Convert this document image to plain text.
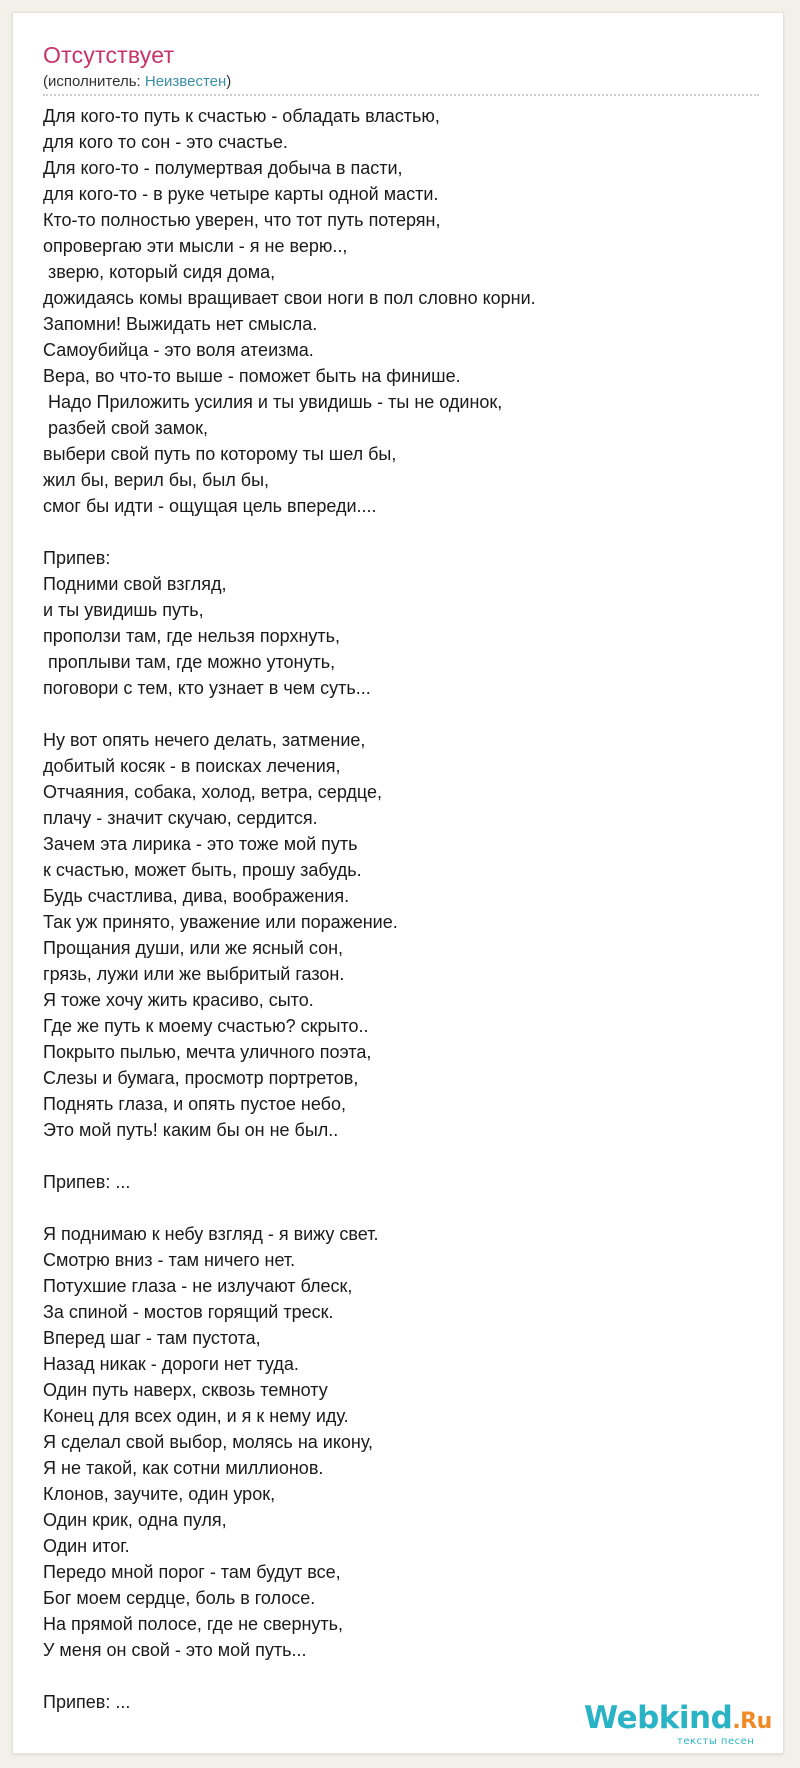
Отсутствует
(исполнитель: Неизвестен)
Для кого-то путь к счастью - обладать властью,
для кого то сон - это счастье.
Для кого-то - полумертвая добыча в пасти,
для кого-то - в руке четыре карты одной масти.
Кто-то полностью уверен, что тот путь потерян,
опровергаю эти мысли - я не верю..,
зверю, который сидя дома,
дожидаясь комы вращивает свои ноги в пол словно корни.
Запомни! Выжидать нет смысла.
Самоубийца - это воля атеизма.
Вера, во что-то выше - поможет быть на финише.
Надо Приложить усилия и ты увидишь - ты не одинок,
разбей свой замок,
выбери свой путь по которому ты шел бы,
жил бы, верил бы, был бы,
смог бы идти - ощущая цель впереди....
Припев:
Подними свой взгляд,
и ты увидишь путь,
проползи там, где нельзя порхнуть,
проплыви там, где можно утонуть,
поговори с тем, кто узнает в чем суть...
Ну вот опять нечего делать, затмение,
добитый косяк - в поисках лечения,
Отчаяния, собака, холод, ветра, сердце,
плачу - значит скучаю, сердится.
Зачем эта лирика - это тоже мой путь
к счастью, может быть, прошу забудь.
Будь счастлива, дива, воображения.
Так уж принято, уважение или поражение.
Прощания души, или же ясный сон,
грязь, лужи или же выбритый газон.
Я тоже хочу жить красиво, сыто.
Где же путь к моему счастью? скрыто..
Покрыто пылью, мечта уличного поэта,
Слезы и бумага, просмотр портретов,
Поднять глаза, и опять пустое небо,
Это мой путь! каким бы он не был..
Припев: ...
Я поднимаю к небу взгляд - я вижу свет.
Смотрю вниз - там ничего нет.
Потухшие глаза - не излучают блеск,
За спиной - мостов горящий треск.
Вперед шаг - там пустота,
Назад никак - дороги нет туда.
Один путь наверх, сквозь темноту
Конец для всех один, и я к нему иду.
Я сделал свой выбор, молясь на икону,
Я не такой, как сотни миллионов.
Клонов, заучите, один урок,
Один крик, одна пуля,
Один итог.
Передо мной порог - там будут все,
Бог моем сердце, боль в голосе.
На прямой полосе, где не свернуть,
У меня он свой - это мой путь...
Припев: ...	Webkind.Ru
тексты песен
